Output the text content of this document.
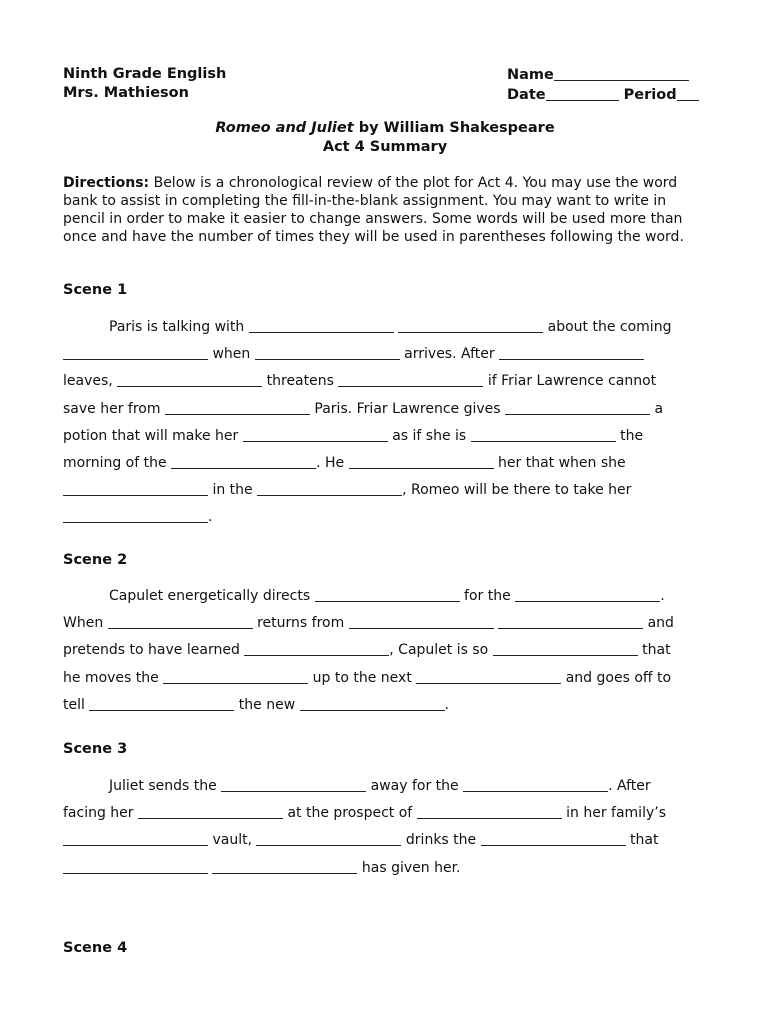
Ninth Grade English
Mrs. Mathieson
Name
Date	Period
Romeo and Juliet by William Shakespeare
Act 4 Summary
Directions: Below is a chronological review of the plot for Act 4. You may use the word bank to assist in completing the fill-in-the-blank assignment. You may want to write in pencil in order to make it easier to change answers. Some words will be used more than once and have the number of times they will be used in parentheses following the word.
Scene 1
Paris is talking with	about the coming
when	arrives. After
leaves,	threatens	if Friar Lawrence cannot
save her from	Paris. Friar Lawrence gives	a
potion that will make her	as if she is	the
morning of the	. He	her that when she
in the	, Romeo will be there to take her
.
Scene 2
Capulet energetically directs	for the	.
When	returns from	and
pretends to have learned	, Capulet is so	that
he moves the	up to the next	and goes off to
tell	the new	.
Scene 3
Juliet sends the	away for the	. After
facing her	at the prospect of	in her family’s
vault,	drinks the	that
has given her.
Scene 4
